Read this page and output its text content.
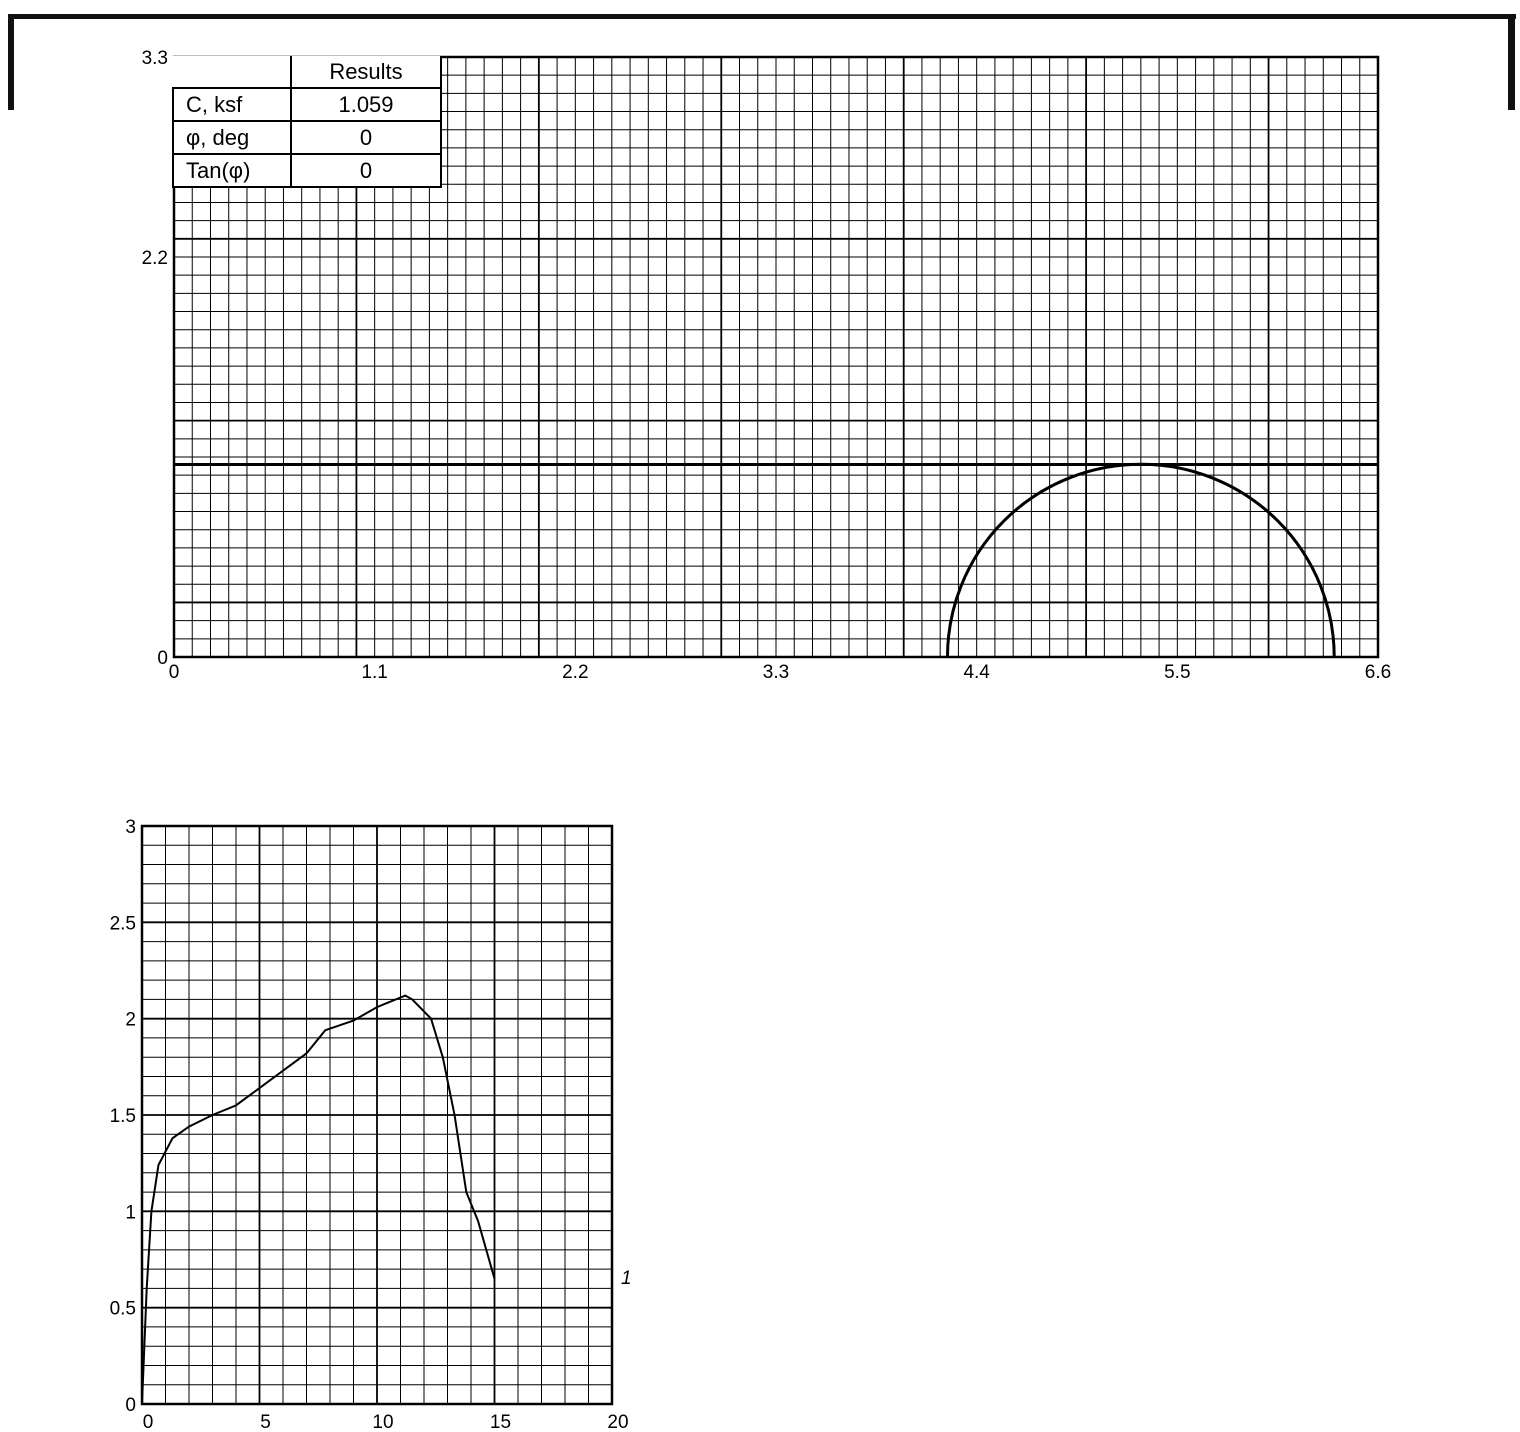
0	1.1	2.2	3.3	4.4	5.5	6.6
0
2.2
3.3
	Results
C, ksf	1.059
φ, deg	0
Tan(φ)	0
0	5	10	15	20
0
0.5
1
1.5
2
2.5
3
1
